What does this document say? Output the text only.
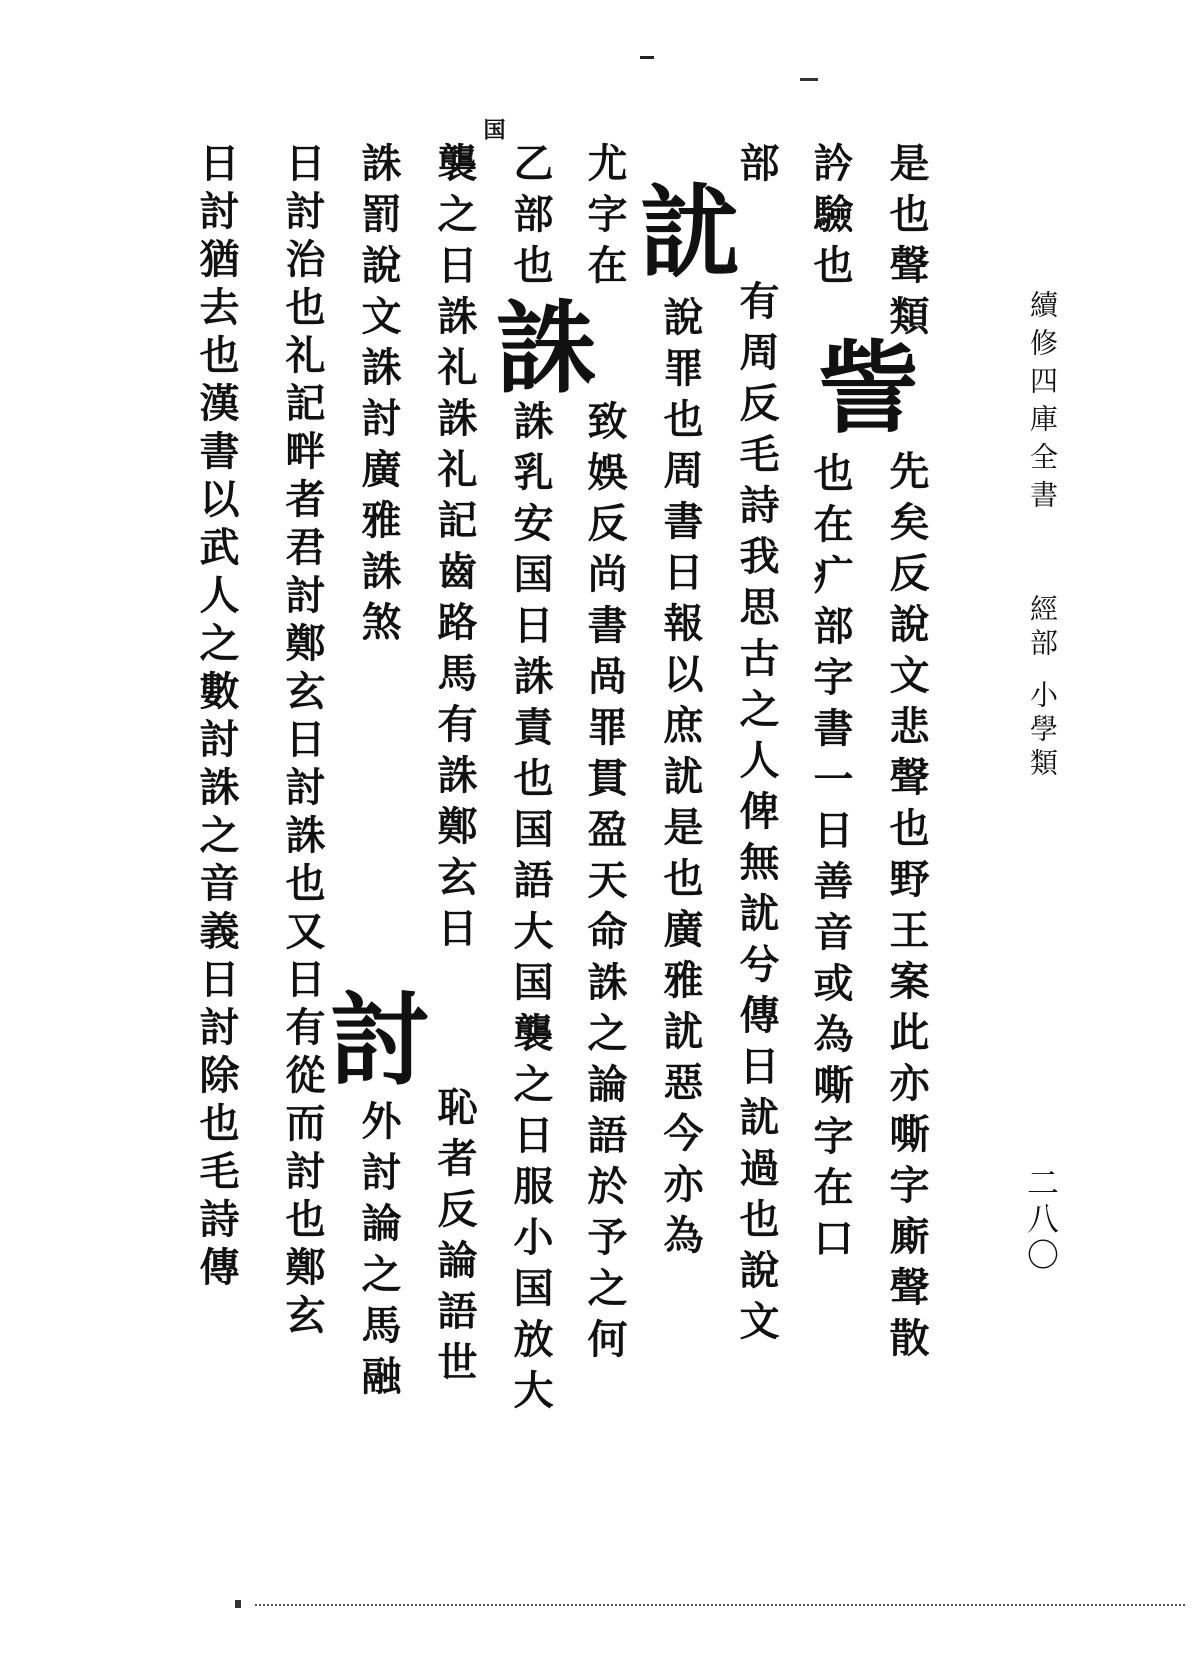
續修四庫全書
經部
小學類
二八〇
是也聲類
訾
先矣反說文悲聲也野王案此亦嘶字廝聲散
訡驗也
也在疒部字書一日善音或為嘶字在口
部
訧
有周反毛詩我思古之人俾無訧兮傳日訧過也說文
說罪也周書日報以庶訧是也廣雅訧惡今亦為
尤字在
誅
致娛反尚書咼罪貫盈天命誅之論語於予之何
乙部也
誅乳安国日誅責也国語大国襲之日服小国放大
国
襲之日誅礼誅礼記齒路馬有誅鄭玄日
恥者反論語世
誅罰說文誅討廣雅誅煞
討
外討論之馬融
日討治也礼記畔者君討鄭玄日討誅也又日有從而討也鄭玄
日討猶去也漢書以武人之數討誅之音義日討除也毛詩傳
